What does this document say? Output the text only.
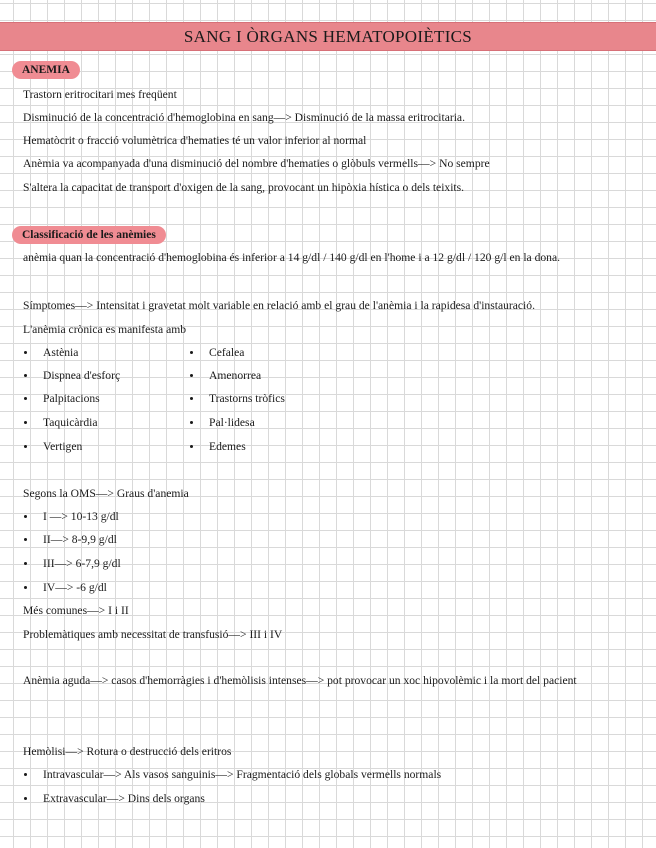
SANG I ÒRGANS HEMATOPOIÈTICS
ANEMIA
Trastorn eritrocitari mes freqüent
Disminució de la concentració d'hemoglobina en sang—> Disminució de la massa eritrocitaria.
Hematòcrit o fracció volumètrica d'hematies té un valor inferior al normal
Anèmia va acompanyada d'una disminució del nombre d'hematies o glòbuls vermells—> No sempre
S'altera la capacitat de transport d'oxigen de la sang, provocant un hipòxia hística o dels teixits.
Classificació de les anèmies
anèmia quan la concentració d'hemoglobina és inferior a 14 g/dl / 140 g/dl en l'home i a 12 g/dl / 120 g/l en la dona.
Símptomes—> Intensitat i gravetat molt variable en relació amb el grau de l'anèmia i la rapidesa d'instauració.
L'anèmia crònica es manifesta amb
Astènia
Dispnea d'esforç
Palpitacions
Taquicàrdia
Vertigen
Cefalea
Amenorrea
Trastorns tròfics
Pal·lidesa
Edemes
Segons la OMS—> Graus d'anemia
I —> 10-13 g/dl
II—> 8-9,9 g/dl
III—> 6-7,9 g/dl
IV—> -6 g/dl
Més comunes—> I i II
Problemàtiques amb necessitat de transfusió—> III i IV
Anèmia aguda—> casos d'hemorràgies i d'hemòlisis intenses—> pot provocar un xoc hipovolèmic i la mort del pacient
Hemòlisi—> Rotura o destrucció dels eritros
Intravascular—> Als vasos sanguinis—> Fragmentació dels globals vermells normals
Extravascular—> Dins dels organs
